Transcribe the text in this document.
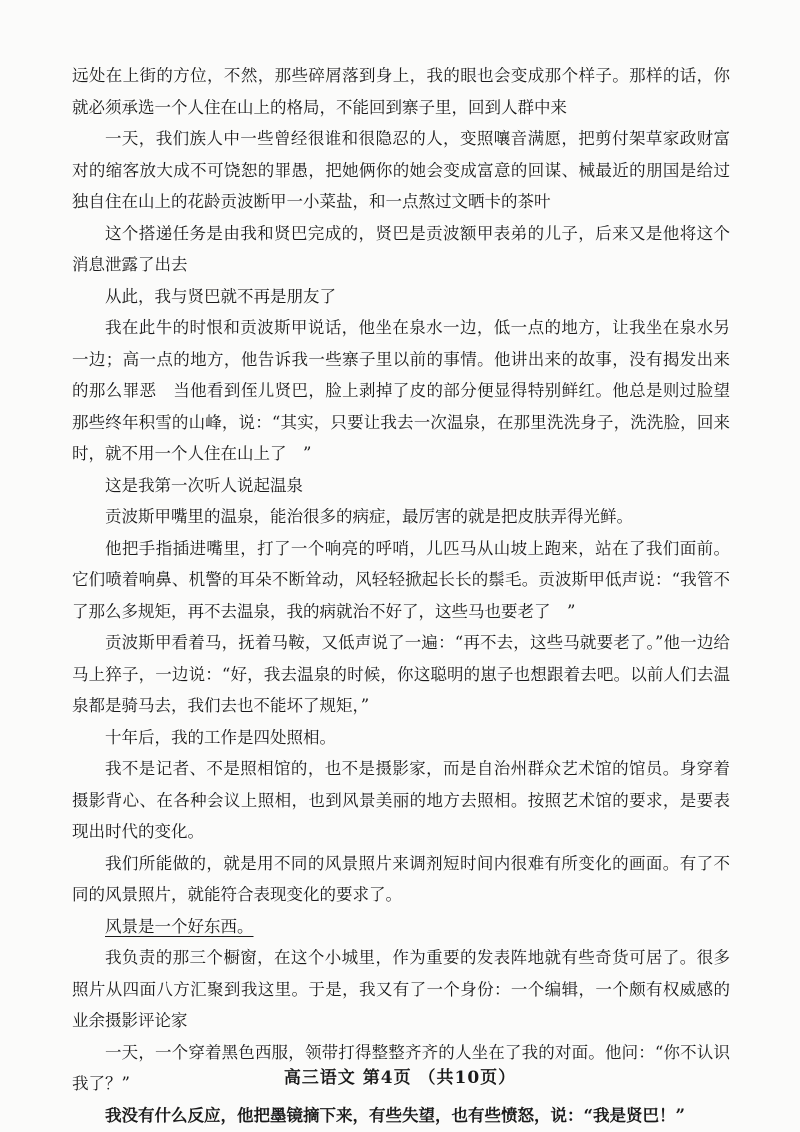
远处在上街的方位，不然，那些碎屑落到身上，我的眼也会变成那个样子。那样的话，你就必须承选一个人住在山上的格局，不能回到寨子里，回到人群中来

一天，我们族人中一些曾经很谁和很隐忍的人，变照嚷音满愿，把剪付架草家政财富对的缩客放大成不可饶恕的罪愚，把她俩你的她会变成富意的回谋、械最近的朋国是给过独自住在山上的花龄贡波断甲一小菜盐，和一点熬过文晒卡的茶叶

这个搭递任务是由我和贤巴完成的，贤巴是贡波额甲表弟的儿子，后来又是他将这个消息泄露了出去

从此，我与贤巴就不再是朋友了

我在此牛的时恨和贡波斯甲说话，他坐在泉水一边，低一点的地方，让我坐在泉水另一边；高一点的地方，他告诉我一些寨子里以前的事情。他讲出来的故事，没有揭发出来的那么罪恶　当他看到侄儿贤巴，脸上剥掉了皮的部分便显得特别鲜红。他总是则过脸望那些终年积雪的山峰，说：“其实，只要让我去一次温泉，在那里洗洗身子，洗洗脸，回来时，就不用一个人住在山上了　”

这是我第一次听人说起温泉

贡波斯甲嘴里的温泉，能治很多的病症，最厉害的就是把皮肤弄得光鲜。

他把手指插进嘴里，打了一个响亮的呼哨，儿匹马从山坡上跑来，站在了我们面前。它们喷着响鼻、机警的耳朵不断耸动，风轻轻掀起长长的鬃毛。贡波斯甲低声说：“我管不了那么多规矩，再不去温泉，我的病就治不好了，这些马也要老了　”

贡波斯甲看着马，抚着马鞍，又低声说了一遍：“再不去，这些马就要老了。”他一边给马上猝子，一边说：“好，我去温泉的时候，你这聪明的崽子也想跟着去吧。以前人们去温泉都是骑马去，我们去也不能坏了规矩，”

十年后，我的工作是四处照相。

我不是记者、不是照相馆的，也不是摄影家，而是自治州群众艺术馆的馆员。身穿着摄影背心、在各种会议上照相，也到风景美丽的地方去照相。按照艺术馆的要求，是要表现出时代的变化。

我们所能做的，就是用不同的风景照片来调剂短时间内很难有所变化的画面。有了不同的风景照片，就能符合表现变化的要求了。

风景是一个好东西。

我负责的那三个橱窗，在这个小城里，作为重要的发表阵地就有些奇货可居了。很多照片从四面八方汇聚到我这里。于是，我又有了一个身份：一个编辑，一个颇有权威感的业余摄影评论家

一天，一个穿着黑色西服，领带打得整整齐齐的人坐在了我的对面。他问：“你不认识我了？”

我没有什么反应，他把墨镜摘下来，有些失望，也有些愤怒，说：“我是贤巴！”

高三语文 第4页 （共10页）
